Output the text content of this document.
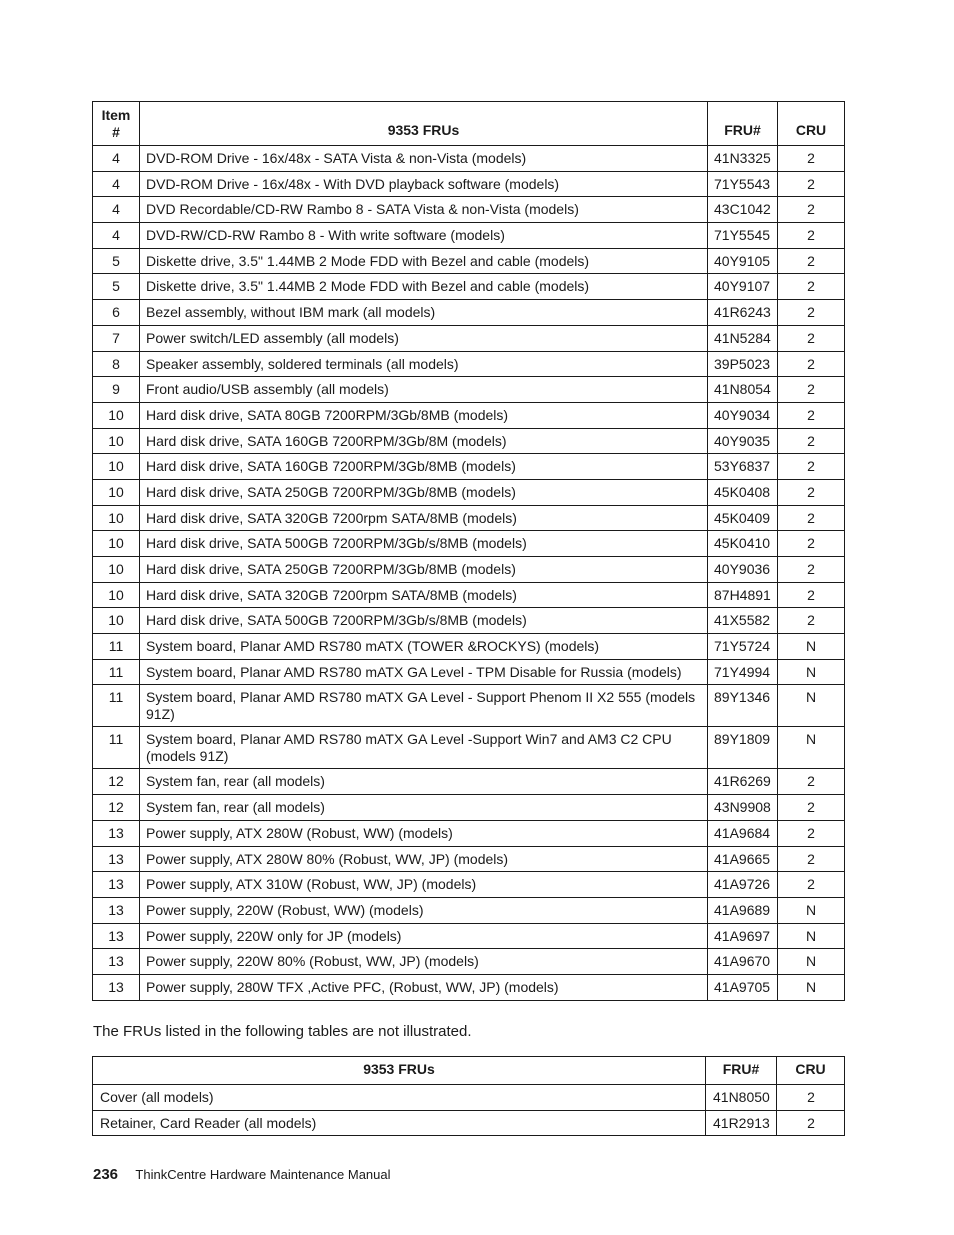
Item #	9353 FRUs	FRU#	CRU
4	DVD-ROM Drive - 16x/48x - SATA Vista & non-Vista (models)	41N3325	2
4	DVD-ROM Drive - 16x/48x - With DVD playback software (models)	71Y5543	2
4	DVD Recordable/CD-RW Rambo 8 - SATA Vista & non-Vista (models)	43C1042	2
4	DVD-RW/CD-RW Rambo 8 - With write software (models)	71Y5545	2
5	Diskette drive, 3.5" 1.44MB 2 Mode FDD with Bezel and cable (models)	40Y9105	2
5	Diskette drive, 3.5" 1.44MB 2 Mode FDD with Bezel and cable (models)	40Y9107	2
6	Bezel assembly, without IBM mark (all models)	41R6243	2
7	Power switch/LED assembly (all models)	41N5284	2
8	Speaker assembly, soldered terminals (all models)	39P5023	2
9	Front audio/USB assembly (all models)	41N8054	2
10	Hard disk drive, SATA 80GB 7200RPM/3Gb/8MB (models)	40Y9034	2
10	Hard disk drive, SATA 160GB 7200RPM/3Gb/8M (models)	40Y9035	2
10	Hard disk drive, SATA 160GB 7200RPM/3Gb/8MB (models)	53Y6837	2
10	Hard disk drive, SATA 250GB 7200RPM/3Gb/8MB (models)	45K0408	2
10	Hard disk drive, SATA 320GB 7200rpm SATA/8MB (models)	45K0409	2
10	Hard disk drive, SATA 500GB 7200RPM/3Gb/s/8MB (models)	45K0410	2
10	Hard disk drive, SATA 250GB 7200RPM/3Gb/8MB (models)	40Y9036	2
10	Hard disk drive, SATA 320GB 7200rpm SATA/8MB (models)	87H4891	2
10	Hard disk drive, SATA 500GB 7200RPM/3Gb/s/8MB (models)	41X5582	2
11	System board, Planar AMD RS780 mATX (TOWER &ROCKYS) (models)	71Y5724	N
11	System board, Planar AMD RS780 mATX GA Level - TPM Disable for Russia (models)	71Y4994	N
11	System board, Planar AMD RS780 mATX GA Level - Support Phenom II X2 555 (models 91Z)	89Y1346	N
11	System board, Planar AMD RS780 mATX GA Level -Support Win7 and AM3 C2 CPU (models 91Z)	89Y1809	N
12	System fan, rear (all models)	41R6269	2
12	System fan, rear (all models)	43N9908	2
13	Power supply, ATX 280W (Robust, WW) (models)	41A9684	2
13	Power supply, ATX 280W 80% (Robust, WW, JP) (models)	41A9665	2
13	Power supply, ATX 310W (Robust, WW, JP) (models)	41A9726	2
13	Power supply, 220W (Robust, WW) (models)	41A9689	N
13	Power supply, 220W only for JP (models)	41A9697	N
13	Power supply, 220W 80% (Robust, WW, JP) (models)	41A9670	N
13	Power supply, 280W TFX ,Active PFC, (Robust, WW, JP) (models)	41A9705	N
The FRUs listed in the following tables are not illustrated.
9353 FRUs	FRU#	CRU
Cover (all models)	41N8050	2
Retainer, Card Reader (all models)	41R2913	2
236 ThinkCentre Hardware Maintenance Manual
